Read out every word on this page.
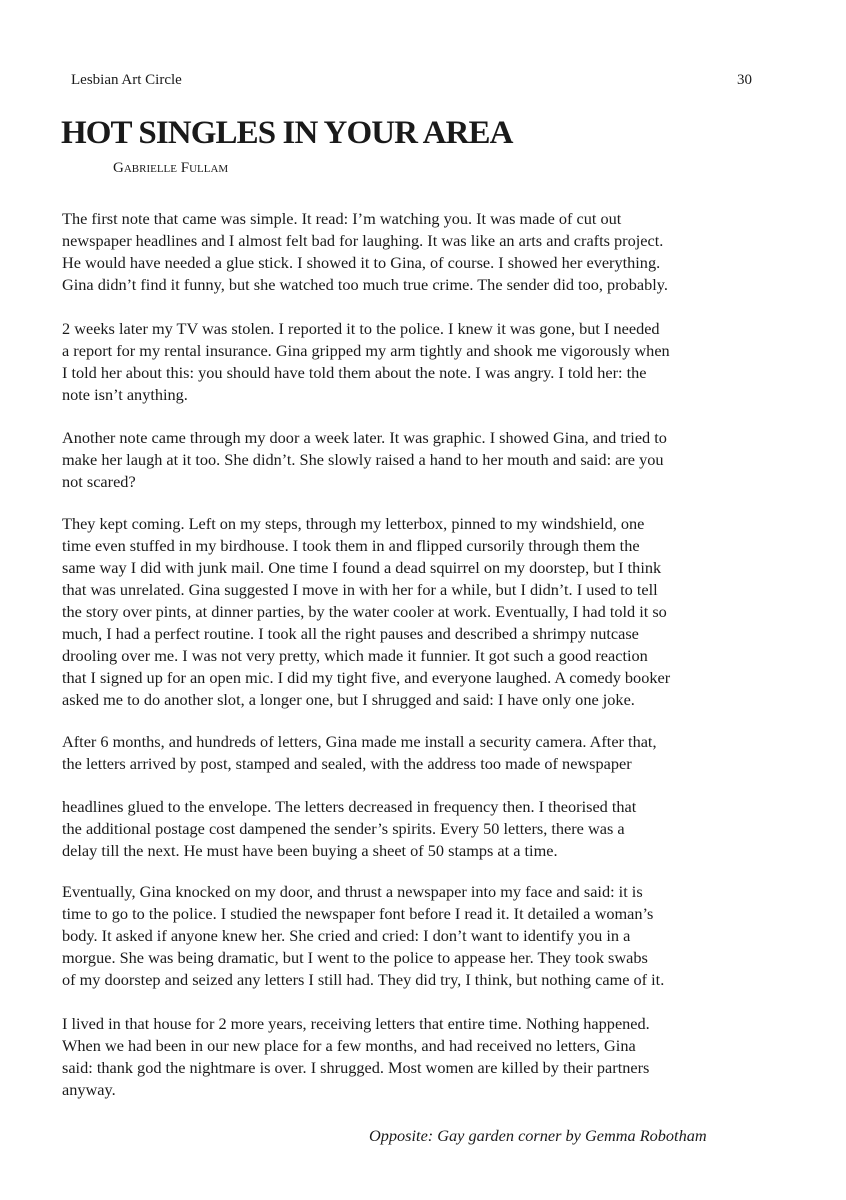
Lesbian Art Circle	30
HOT SINGLES IN YOUR AREA
Gabrielle Fullam

The first note that came was simple. It read: I’m watching you. It was made of cut out
newspaper headlines and I almost felt bad for laughing. It was like an arts and crafts project.
He would have needed a glue stick. I showed it to Gina, of course. I showed her everything.
Gina didn’t find it funny, but she watched too much true crime. The sender did too, probably.

2 weeks later my TV was stolen. I reported it to the police. I knew it was gone, but I needed
a report for my rental insurance. Gina gripped my arm tightly and shook me vigorously when
I told her about this: you should have told them about the note. I was angry. I told her: the
note isn’t anything.

Another note came through my door a week later. It was graphic. I showed Gina, and tried to
make her laugh at it too. She didn’t. She slowly raised a hand to her mouth and said: are you
not scared?

They kept coming. Left on my steps, through my letterbox, pinned to my windshield, one
time even stuffed in my birdhouse. I took them in and flipped cursorily through them the
same way I did with junk mail. One time I found a dead squirrel on my doorstep, but I think
that was unrelated. Gina suggested I move in with her for a while, but I didn’t. I used to tell
the story over pints, at dinner parties, by the water cooler at work. Eventually, I had told it so
much, I had a perfect routine. I took all the right pauses and described a shrimpy nutcase
drooling over me. I was not very pretty, which made it funnier. It got such a good reaction
that I signed up for an open mic. I did my tight five, and everyone laughed. A comedy booker
asked me to do another slot, a longer one, but I shrugged and said: I have only one joke.

After 6 months, and hundreds of letters, Gina made me install a security camera. After that,
the letters arrived by post, stamped and sealed, with the address too made of newspaper

headlines glued to the envelope. The letters decreased in frequency then. I theorised that
the additional postage cost dampened the sender’s spirits. Every 50 letters, there was a
delay till the next. He must have been buying a sheet of 50 stamps at a time.

Eventually, Gina knocked on my door, and thrust a newspaper into my face and said: it is
time to go to the police. I studied the newspaper font before I read it. It detailed a woman’s
body. It asked if anyone knew her. She cried and cried: I don’t want to identify you in a
morgue. She was being dramatic, but I went to the police to appease her. They took swabs
of my doorstep and seized any letters I still had. They did try, I think, but nothing came of it.

I lived in that house for 2 more years, receiving letters that entire time. Nothing happened.
When we had been in our new place for a few months, and had received no letters, Gina
said: thank god the nightmare is over. I shrugged. Most women are killed by their partners
anyway.

Opposite: Gay garden corner by Gemma Robotham
